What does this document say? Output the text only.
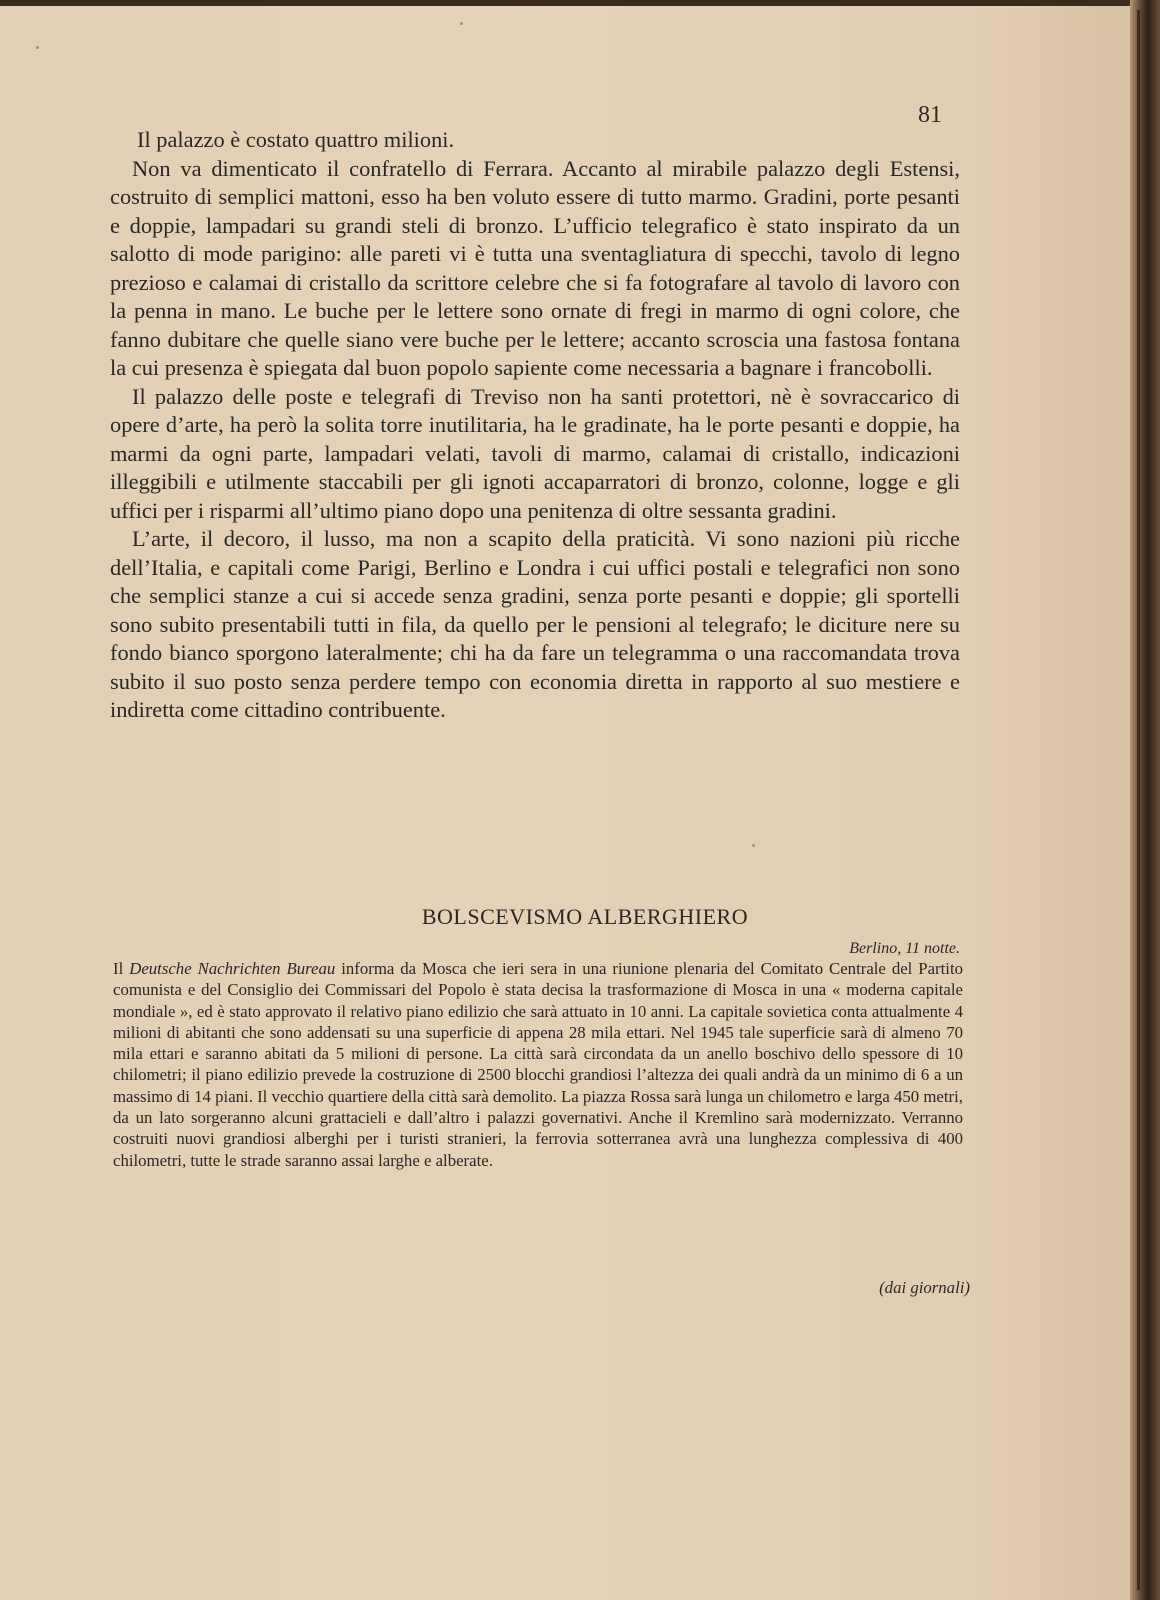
81

Il palazzo è costato quattro milioni.

Non va dimenticato il confratello di Ferrara. Accanto al mirabile palazzo degli Estensi, costruito di semplici mattoni, esso ha ben voluto essere di tutto marmo. Gradini, porte pesanti e doppie, lampadari su grandi steli di bronzo. L’ufficio telegrafico è stato inspirato da un salotto di mode parigino: alle pareti vi è tutta una sventagliatura di specchi, tavolo di legno prezioso e calamai di cristallo da scrittore celebre che si fa fotografare al tavolo di lavoro con la penna in mano. Le buche per le lettere sono ornate di fregi in marmo di ogni colore, che fanno dubitare che quelle siano vere buche per le lettere; accanto scroscia una fastosa fontana la cui presenza è spiegata dal buon popolo sapiente come necessaria a bagnare i francobolli.

Il palazzo delle poste e telegrafi di Treviso non ha santi protettori, nè è sovraccarico di opere d’arte, ha però la solita torre inutilitaria, ha le gradinate, ha le porte pesanti e doppie, ha marmi da ogni parte, lampadari velati, tavoli di marmo, calamai di cristallo, indicazioni illeggibili e utilmente staccabili per gli ignoti accaparratori di bronzo, colonne, logge e gli uffici per i risparmi all’ultimo piano dopo una penitenza di oltre sessanta gradini.

L’arte, il decoro, il lusso, ma non a scapito della praticità. Vi sono nazioni più ricche dell’Italia, e capitali come Parigi, Berlino e Londra i cui uffici postali e telegrafici non sono che semplici stanze a cui si accede senza gradini, senza porte pesanti e doppie; gli sportelli sono subito presentabili tutti in fila, da quello per le pensioni al telegrafo; le diciture nere su fondo bianco sporgono lateralmente; chi ha da fare un telegramma o una raccomandata trova subito il suo posto senza perdere tempo con economia diretta in rapporto al suo mestiere e indiretta come cittadino contribuente.

BOLSCEVISMO ALBERGHIERO
Berlino, 11 notte.

Il Deutsche Nachrichten Bureau informa da Mosca che ieri sera in una riunione plenaria del Comitato Centrale del Partito comunista e del Consiglio dei Commissari del Popolo è stata decisa la trasformazione di Mosca in una « moderna capitale mondiale », ed è stato approvato il relativo piano edilizio che sarà attuato in 10 anni. La capitale sovietica conta attualmente 4 milioni di abitanti che sono addensati su una superficie di appena 28 mila ettari. Nel 1945 tale superficie sarà di almeno 70 mila ettari e saranno abitati da 5 milioni di persone. La città sarà circondata da un anello boschivo dello spessore di 10 chilometri; il piano edilizio prevede la costruzione di 2500 blocchi grandiosi l’altezza dei quali andrà da un minimo di 6 a un massimo di 14 piani. Il vecchio quartiere della città sarà demolito. La piazza Rossa sarà lunga un chilometro e larga 450 metri, da un lato sorgeranno alcuni grattacieli e dall’altro i palazzi governativi. Anche il Kremlino sarà modernizzato. Verranno costruiti nuovi grandiosi alberghi per i turisti stranieri, la ferrovia sotterranea avrà una lunghezza complessiva di 400 chilometri, tutte le strade saranno assai larghe e alberate.

(dai giornali)
